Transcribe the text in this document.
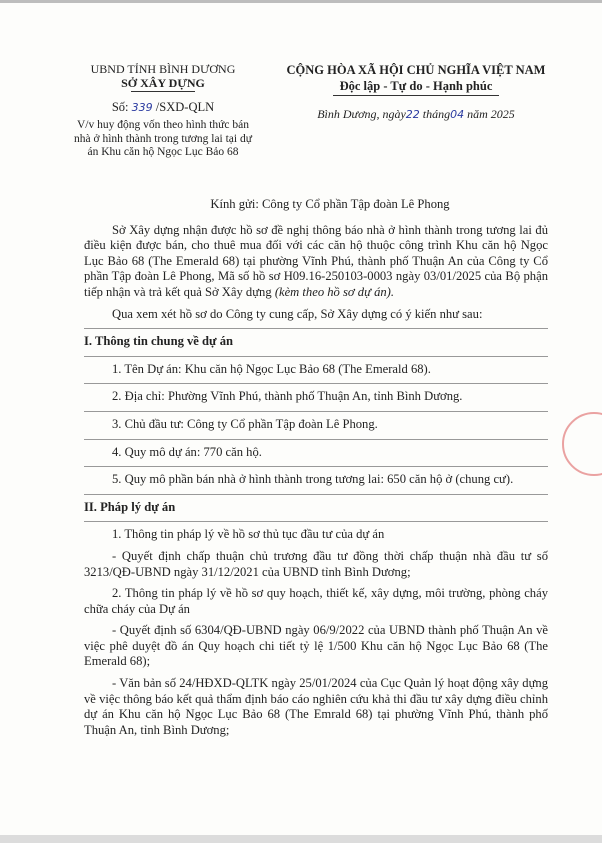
UBND TỈNH BÌNH DƯƠNG
SỞ XÂY DỰNG
Số: 339 /SXD-QLN
V/v huy động vốn theo hình thức bán nhà ở hình thành trong tương lai tại dự án Khu căn hộ Ngọc Lục Bảo 68
CỘNG HÒA XÃ HỘI CHỦ NGHĨA VIỆT NAM
Độc lập - Tự do - Hạnh phúc
Bình Dương, ngày22 tháng04 năm 2025
Kính gửi: Công ty Cổ phần Tập đoàn Lê Phong

Sở Xây dựng nhận được hồ sơ đề nghị thông báo nhà ở hình thành trong tương lai đủ điều kiện được bán, cho thuê mua đối với các căn hộ thuộc công trình Khu căn hộ Ngọc Lục Bảo 68 (The Emerald 68) tại phường Vĩnh Phú, thành phố Thuận An của Công ty Cổ phần Tập đoàn Lê Phong, Mã số hồ sơ H09.16-250103-0003 ngày 03/01/2025 của Bộ phận tiếp nhận và trả kết quả Sở Xây dựng (kèm theo hồ sơ dự án).

Qua xem xét hồ sơ do Công ty cung cấp, Sở Xây dựng có ý kiến như sau:

I. Thông tin chung về dự án

1. Tên Dự án: Khu căn hộ Ngọc Lục Bảo 68 (The Emerald 68).

2. Địa chỉ: Phường Vĩnh Phú, thành phố Thuận An, tỉnh Bình Dương.

3. Chủ đầu tư: Công ty Cổ phần Tập đoàn Lê Phong.

4. Quy mô dự án: 770 căn hộ.

5. Quy mô phần bán nhà ở hình thành trong tương lai: 650 căn hộ ở (chung cư).

II. Pháp lý dự án

1. Thông tin pháp lý về hồ sơ thủ tục đầu tư của dự án

- Quyết định chấp thuận chủ trương đầu tư đồng thời chấp thuận nhà đầu tư số 3213/QĐ-UBND ngày 31/12/2021 của UBND tỉnh Bình Dương;

2. Thông tin pháp lý về hồ sơ quy hoạch, thiết kế, xây dựng, môi trường, phòng cháy chữa cháy của Dự án

- Quyết định số 6304/QĐ-UBND ngày 06/9/2022 của UBND thành phố Thuận An về việc phê duyệt đồ án Quy hoạch chi tiết tỷ lệ 1/500 Khu căn hộ Ngọc Lục Bảo 68 (The Emerald 68);

- Văn bản số 24/HĐXD-QLTK ngày 25/01/2024 của Cục Quản lý hoạt động xây dựng về việc thông báo kết quả thẩm định báo cáo nghiên cứu khả thi đầu tư xây dựng điều chỉnh dự án Khu căn hộ Ngọc Lục Bảo 68 (The Emrald 68) tại phường Vĩnh Phú, thành phố Thuận An, tỉnh Bình Dương;
